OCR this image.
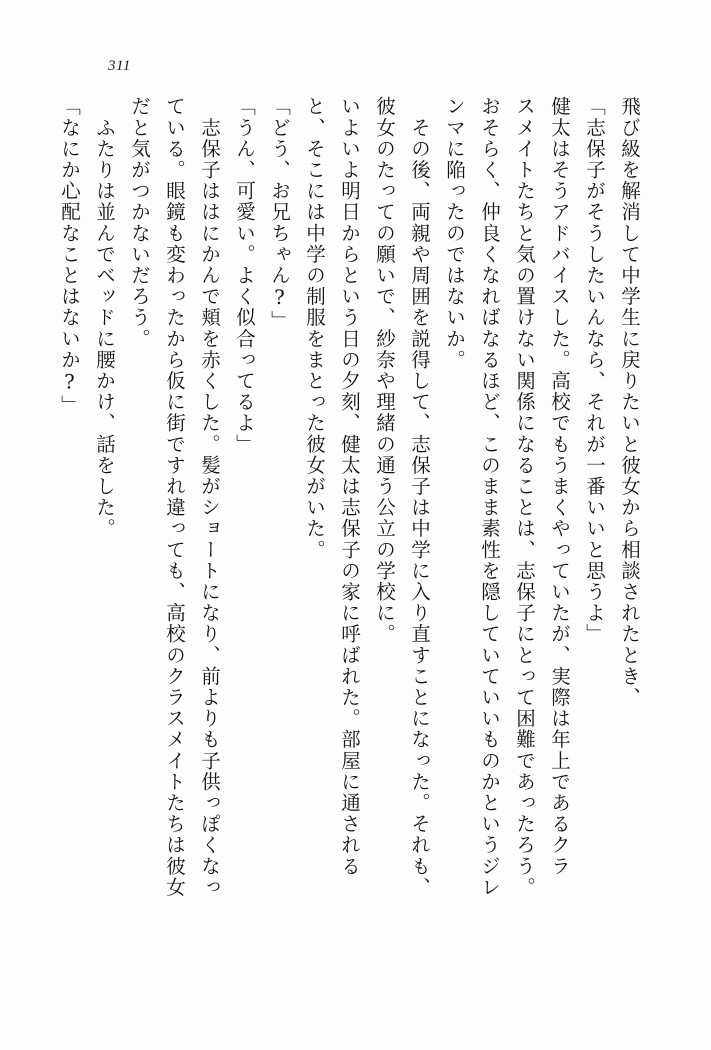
311

飛び級を解消して中学生に戻りたいと彼女から相談されたとき、

「志保子がそうしたいんなら、それが一番いいと思うよ」

健太はそうアドバイスした。高校でもうまくやっていたが、実際は年上であるクラ

スメイトたちと気の置けない関係になることは、志保子にとって困難であったろう。

おそらく、仲良くなればなるほど、このまま素性を隠していていいものかというジレ

ンマに陥ったのではないか。

　その後、両親や周囲を説得して、志保子は中学に入り直すことになった。それも、

彼女のたっての願いで、紗奈や理緒の通う公立の学校に。

いよいよ明日からという日の夕刻、健太は志保子の家に呼ばれた。部屋に通される

と、そこには中学の制服をまとった彼女がいた。

「どう、お兄ちゃん?」

「うん、可愛い。よく似合ってるよ」

　志保子ははにかんで頬を赤くした。髪がショートになり、前よりも子供っぽくなっ

ている。眼鏡も変わったから仮に街ですれ違っても、高校のクラスメイトたちは彼女

だと気がつかないだろう。

　ふたりは並んでベッドに腰かけ、話をした。

「なにか心配なことはないか?」
